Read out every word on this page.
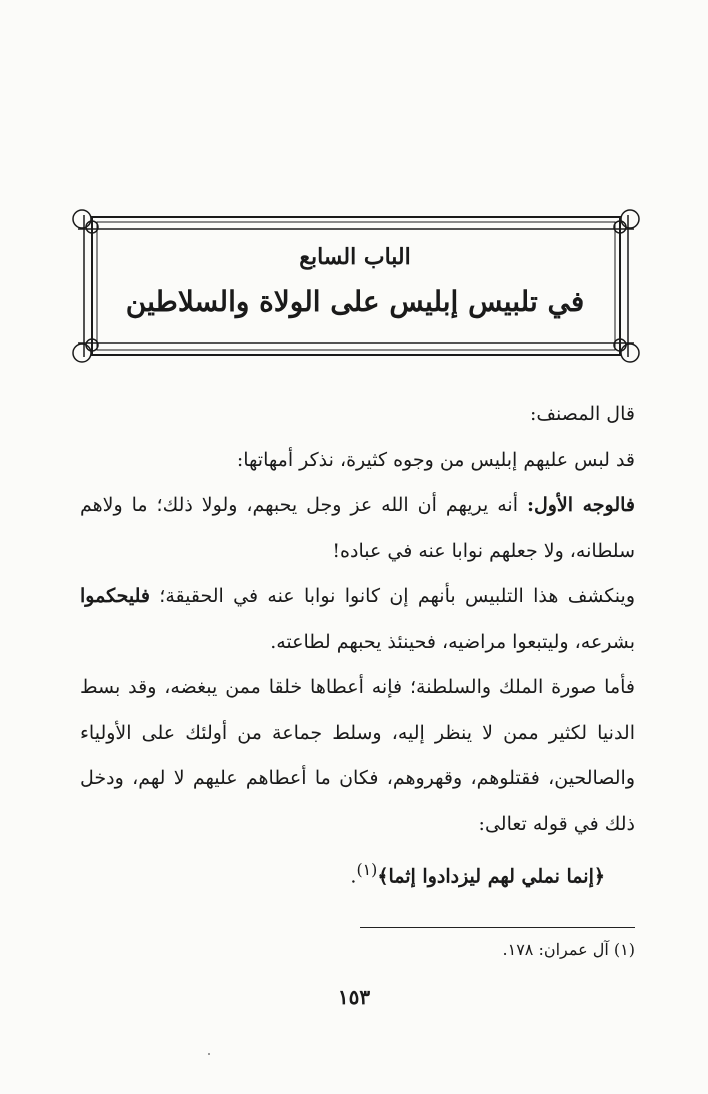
الباب السابع
في تلبيس إبليس على الولاة والسلاطين

قال المصنف:

قد لبس عليهم إبليس من وجوه كثيرة، نذكر أمهاتها:

فالوجه الأول: أنه يريهم أن الله عز وجل يحبهم، ولولا ذلك؛ ما ولاهم سلطانه، ولا جعلهم نوابا عنه في عباده!

وينكشف هذا التلبيس بأنهم إن كانوا نوابا عنه في الحقيقة؛ فليحكموا بشرعه، وليتبعوا مراضيه، فحينئذ يحبهم لطاعته.

فأما صورة الملك والسلطنة؛ فإنه أعطاها خلقا ممن يبغضه، وقد بسط الدنيا لكثير ممن لا ينظر إليه، وسلط جماعة من أولئك على الأولياء والصالحين، فقتلوهم، وقهروهم، فكان ما أعطاهم عليهم لا لهم، ودخل ذلك في قوله تعالى:

﴿إنما نملي لهم ليزدادوا إثما﴾$^{(١)}$.

(١) آل عمران: ١٧٨.
١٥٣
